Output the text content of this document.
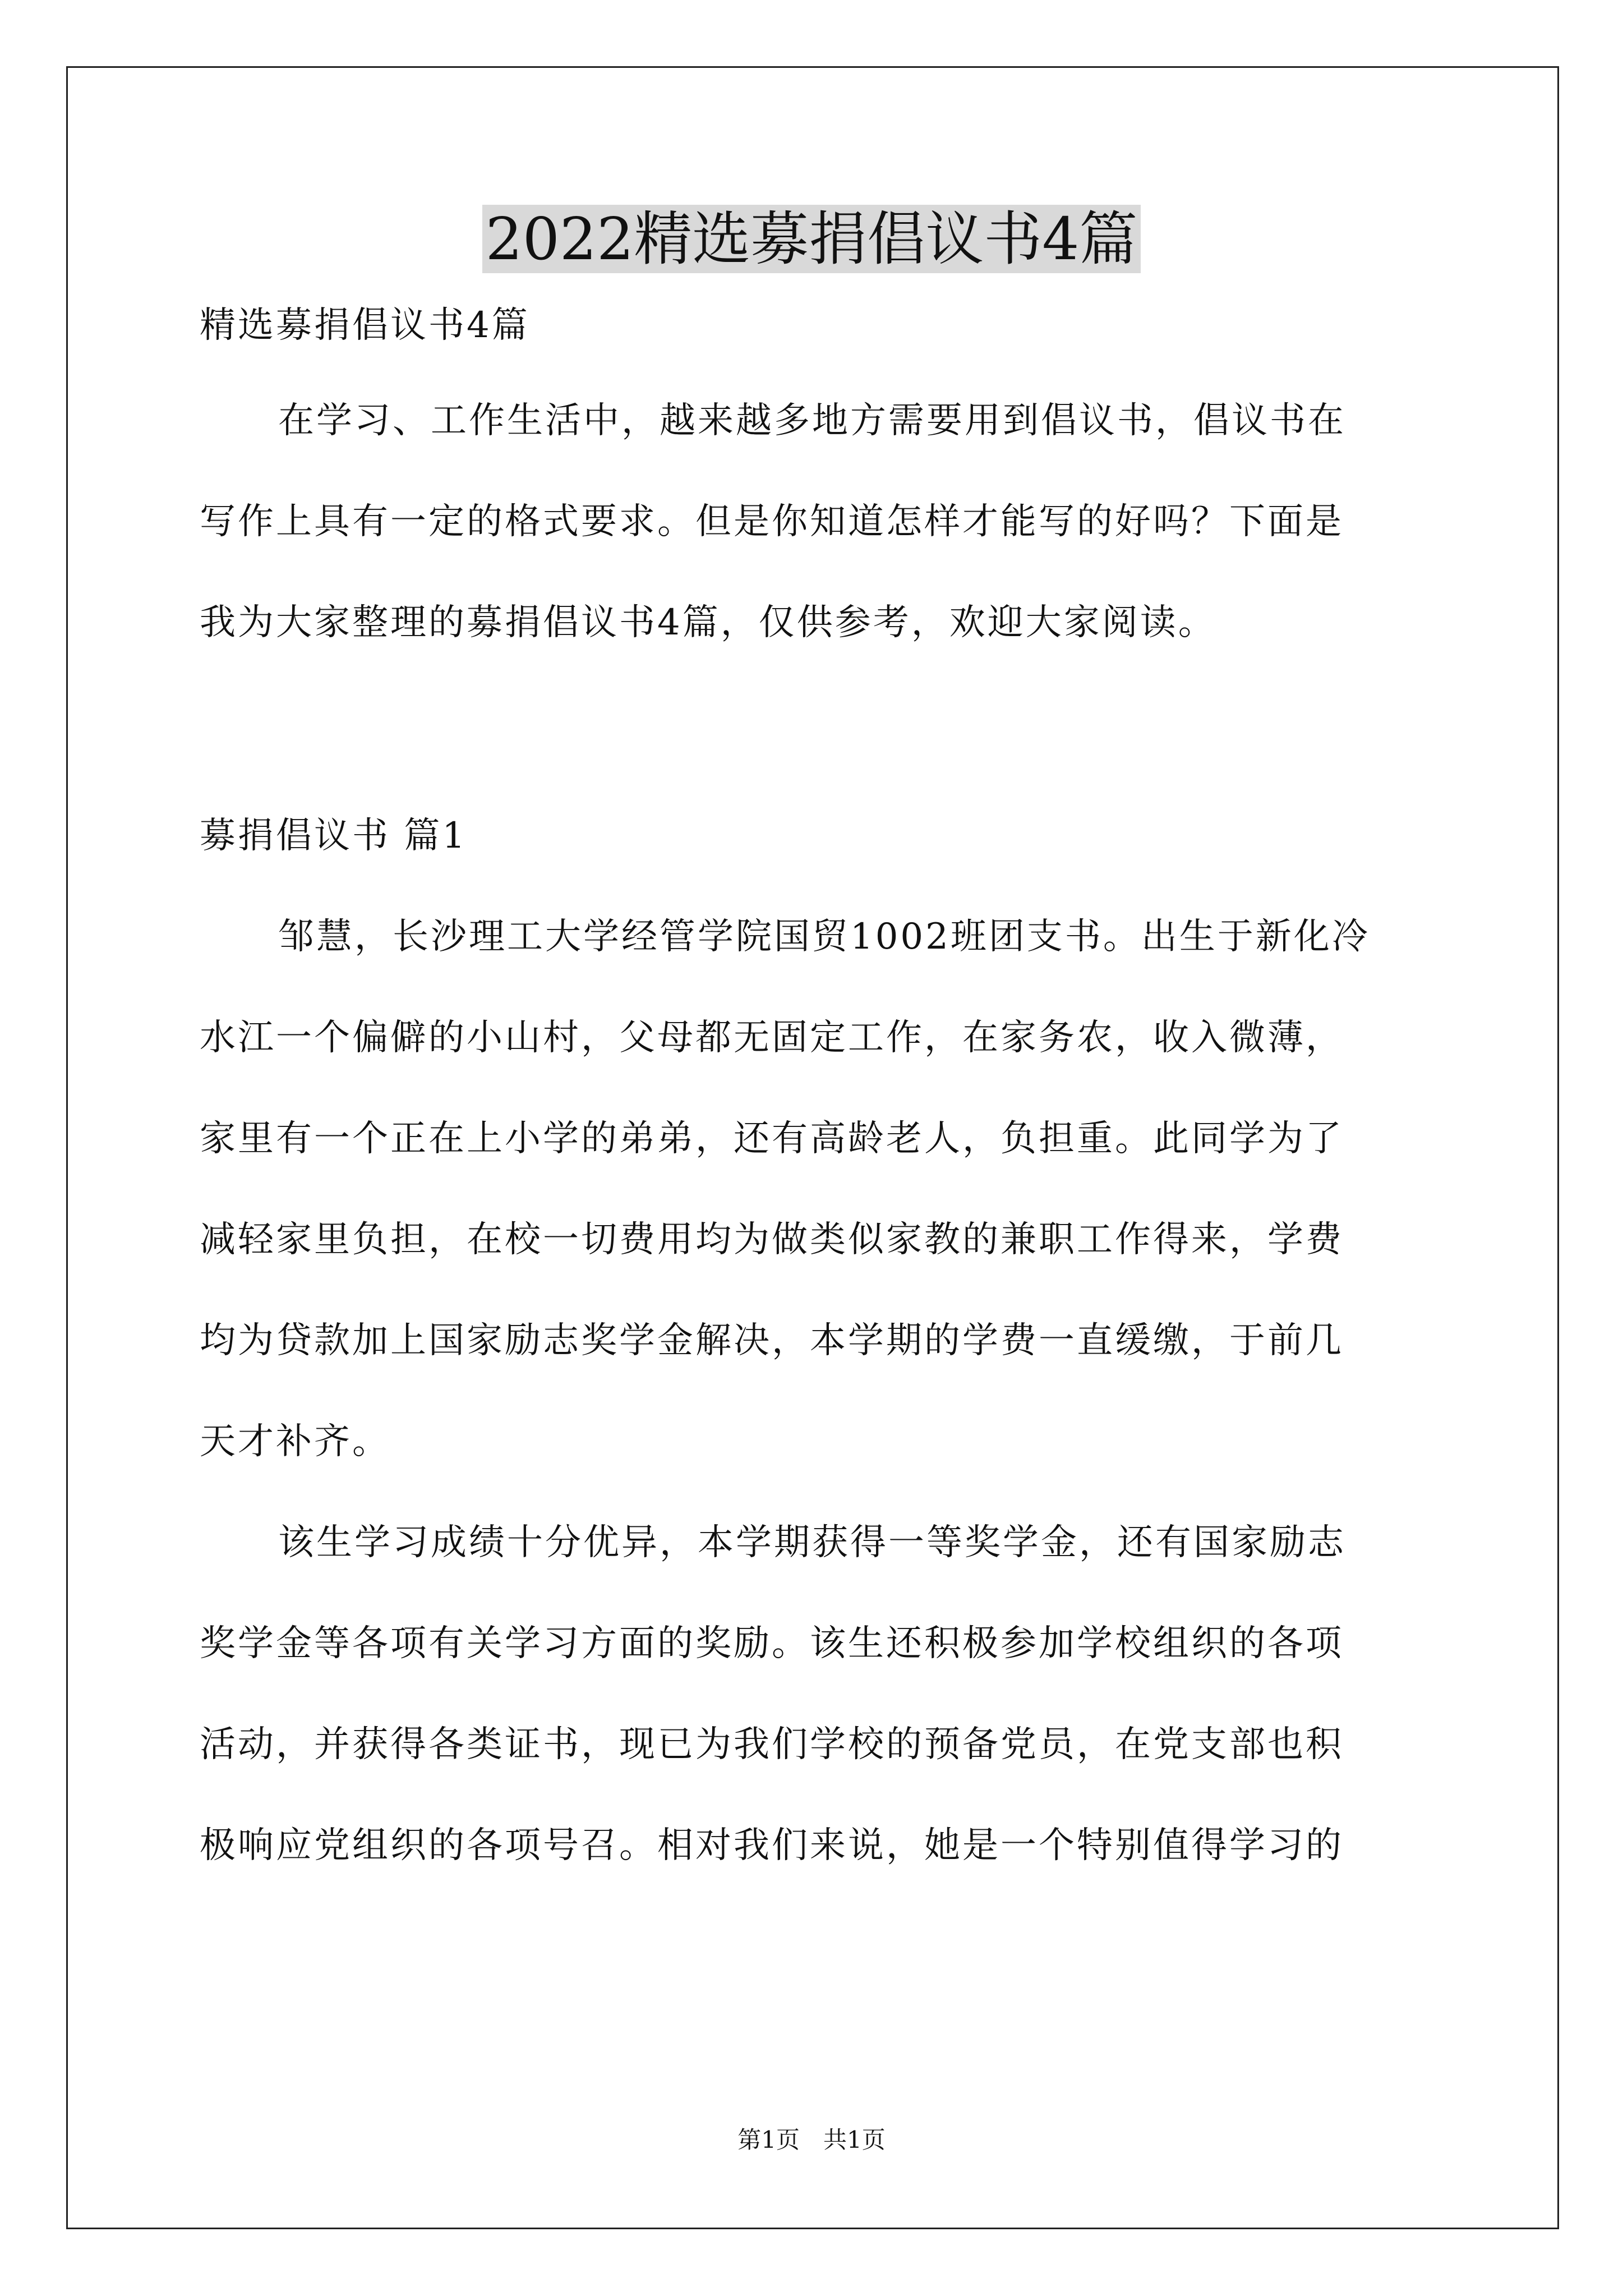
2022精选募捐倡议书4篇
精选募捐倡议书4篇
在学习、工作生活中，越来越多地方需要用到倡议书，倡议书在
写作上具有一定的格式要求。但是你知道怎样才能写的好吗？下面是
我为大家整理的募捐倡议书4篇，仅供参考，欢迎大家阅读。
募捐倡议书 篇1
邹慧，长沙理工大学经管学院国贸1002班团支书。出生于新化冷
水江一个偏僻的小山村，父母都无固定工作，在家务农，收入微薄，
家里有一个正在上小学的弟弟，还有高龄老人，负担重。此同学为了
减轻家里负担，在校一切费用均为做类似家教的兼职工作得来，学费
均为贷款加上国家励志奖学金解决，本学期的学费一直缓缴，于前几
天才补齐。
该生学习成绩十分优异，本学期获得一等奖学金，还有国家励志
奖学金等各项有关学习方面的奖励。该生还积极参加学校组织的各项
活动，并获得各类证书，现已为我们学校的预备党员，在党支部也积
极响应党组织的各项号召。相对我们来说，她是一个特别值得学习的
第1页　共1页
